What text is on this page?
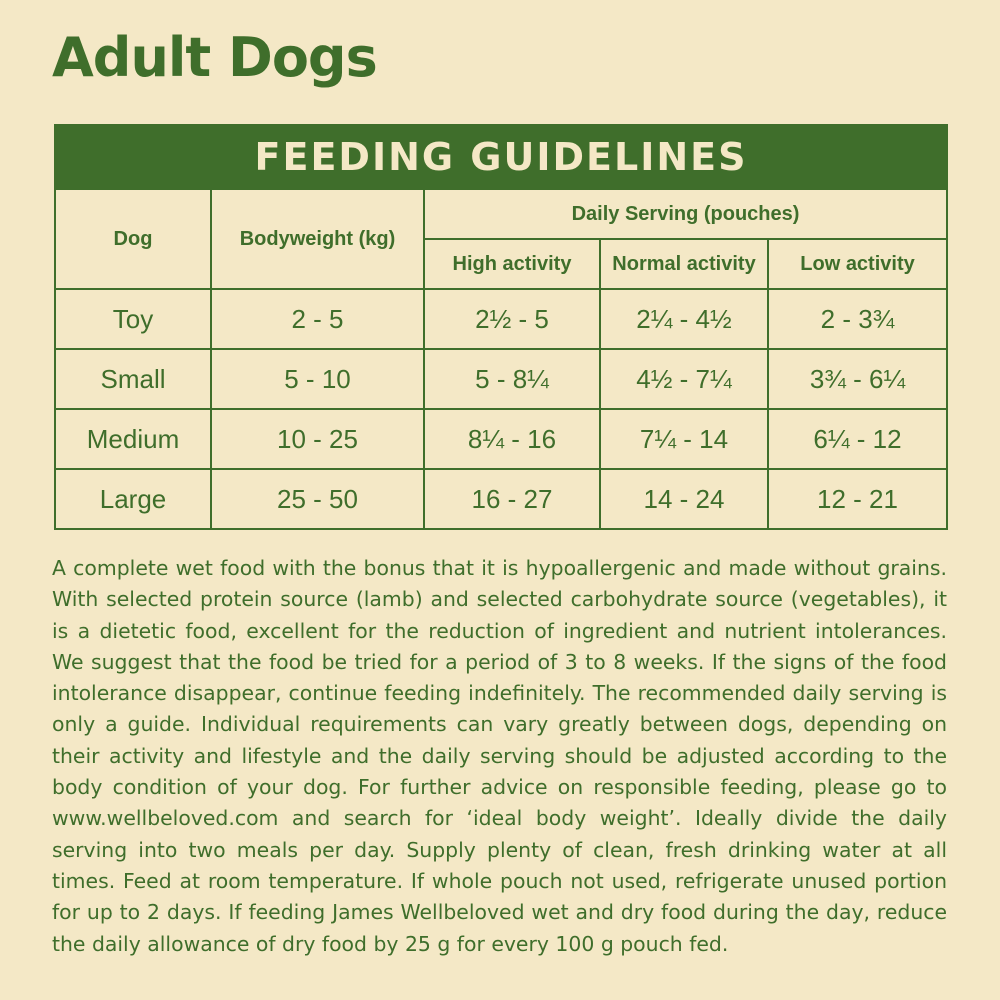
Adult Dogs
FEEDING GUIDELINES				
Dog	Bodyweight (kg)	Daily Serving (pouches)		
		High activity	Normal activity	Low activity
Toy	2 - 5	2½ - 5	2¼ - 4½	2 - 3¾
Small	5 - 10	5 - 8¼	4½ - 7¼	3¾ - 6¼
Medium	10 - 25	8¼ - 16	7¼ - 14	6¼ - 12
Large	25 - 50	16 - 27	14 - 24	12 - 21

A complete wet food with the bonus that it is hypoallergenic and made without grains. With selected protein source (lamb) and selected carbohydrate source (vegetables), it is a dietetic food, excellent for the reduction of ingredient and nutrient intolerances. We suggest that the food be tried for a period of 3 to 8 weeks. If the signs of the food intolerance disappear, continue feeding indefinitely. The recommended daily serving is only a guide. Individual requirements can vary greatly between dogs, depending on their activity and lifestyle and the daily serving should be adjusted according to the body condition of your dog. For further advice on responsible feeding, please go to www.wellbeloved.com and search for ‘ideal body weight’. Ideally divide the daily serving into two meals per day. Supply plenty of clean, fresh drinking water at all times. Feed at room temperature. If whole pouch not used, refrigerate unused portion for up to 2 days. If feeding James Wellbeloved wet and dry food during the day, reduce the daily allowance of dry food by 25 g for every 100 g pouch fed.
